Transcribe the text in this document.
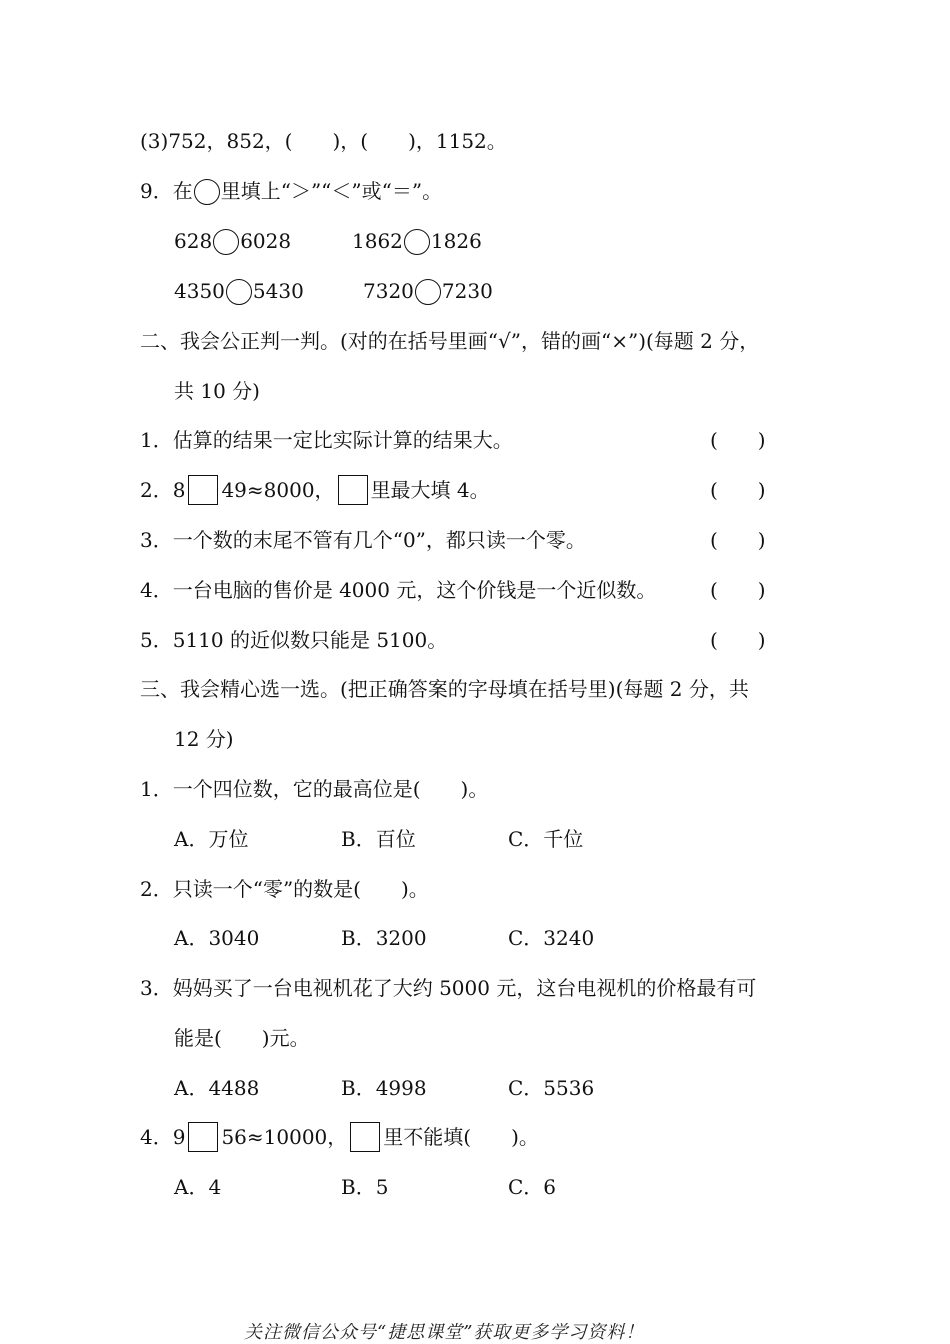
(3)752，852，(　　)，(　　)，1152。
9．在 里填上“＞”“＜”或“＝”。
628 6028	1862 1826
4350 5430	7320 7230
二、我会公正判一判。(对的在括号里画“√”，错的画“×”)(每题 2 分，
共 10 分)
1．估算的结果一定比实际计算的结果大。	(　　)
2．8 49≈8000， 里最大填 4。	(　　)
3．一个数的末尾不管有几个“0”，都只读一个零。	(　　)
4．一台电脑的售价是 4000 元，这个价钱是一个近似数。	(　　)
5．5110 的近似数只能是 5100。	(　　)
三、我会精心选一选。(把正确答案的字母填在括号里)(每题 2 分，共
12 分)
1．一个四位数，它的最高位是(　　)。
A．万位	B．百位	C．千位
2．只读一个“零”的数是(　　)。
A．3040	B．3200	C．3240
3．妈妈买了一台电视机花了大约 5000 元，这台电视机的价格最有可
能是(　　)元。
A．4488	B．4998	C．5536
4．9 56≈10000， 里不能填(　　)。
A．4	B．5	C．6
关注微信公众号“捷思课堂”获取更多学习资料！
